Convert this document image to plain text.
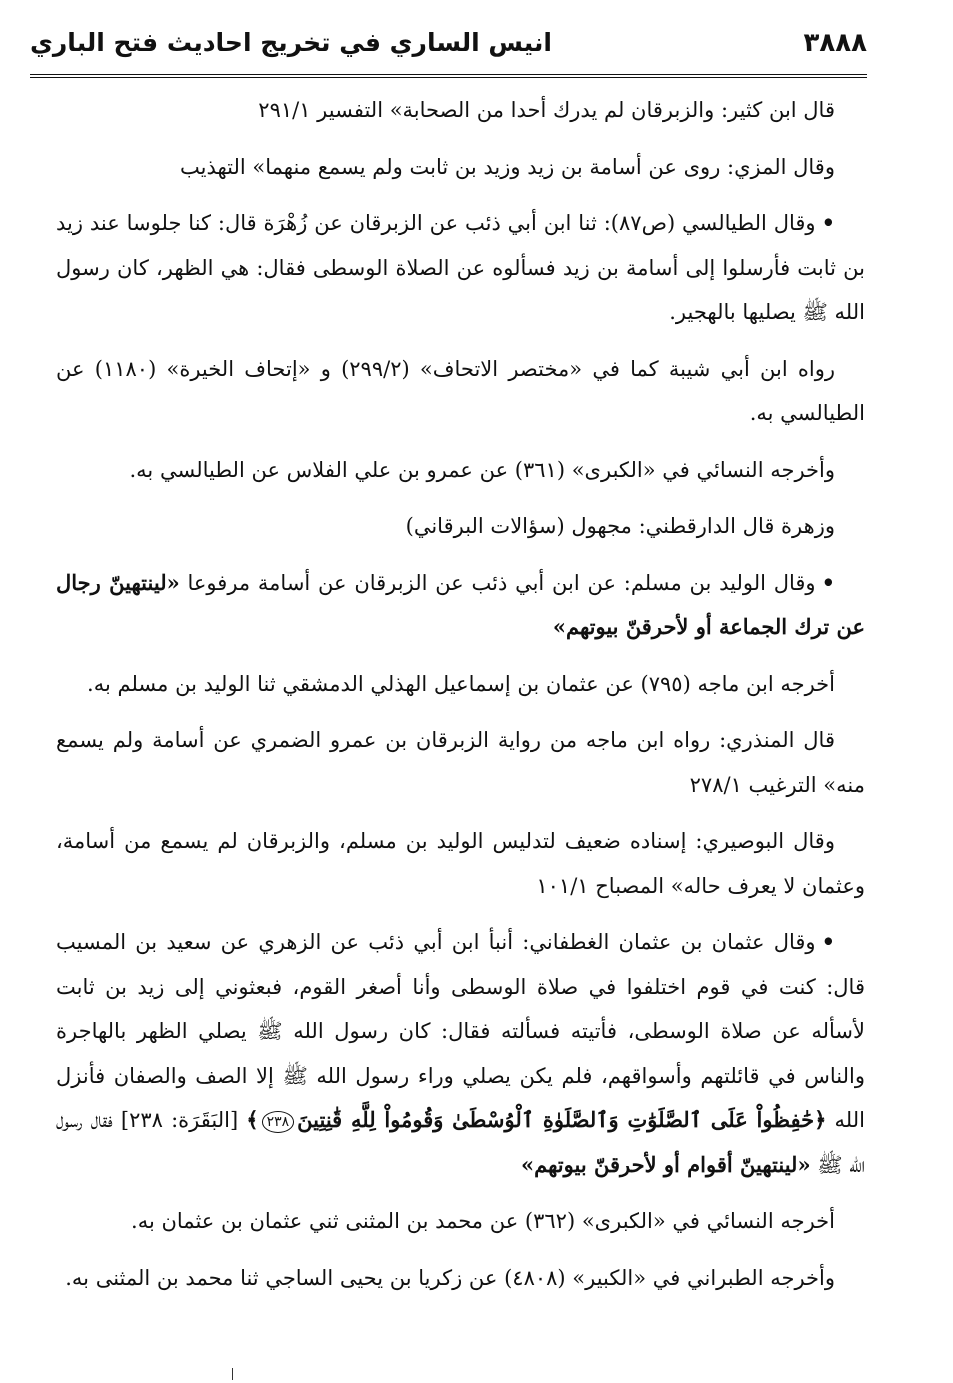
٣٨٨٨
انيس الساري في تخريج احاديث فتح الباري

قال ابن كثير: والزبرقان لم يدرك أحدا من الصحابة» التفسير ٢٩١/١

وقال المزي: روى عن أسامة بن زيد وزيد بن ثابت ولم يسمع منهما» التهذيب

•وقال الطيالسي (ص٨٧): ثنا ابن أبي ذئب عن الزبرقان عن زُهْرَة قال: كنا جلوسا عند زيد بن ثابت فأرسلوا إلى أسامة بن زيد فسألوه عن الصلاة الوسطى فقال: هي الظهر، كان رسول الله ﷺ يصليها بالهجير.

رواه ابن أبي شيبة كما في «مختصر الاتحاف» (٢٩٩/٢) و «إتحاف الخيرة» (١١٨٠) عن الطيالسي به.

وأخرجه النسائي في «الكبرى» (٣٦١) عن عمرو بن علي الفلاس عن الطيالسي به.

وزهرة قال الدارقطني: مجهول (سؤالات البرقاني)

•وقال الوليد بن مسلم: عن ابن أبي ذئب عن الزبرقان عن أسامة مرفوعا «لينتهينّ رجال عن ترك الجماعة أو لأحرقنّ بيوتهم»

أخرجه ابن ماجه (٧٩٥) عن عثمان بن إسماعيل الهذلي الدمشقي ثنا الوليد بن مسلم به.

قال المنذري: رواه ابن ماجه من رواية الزبرقان بن عمرو الضمري عن أسامة ولم يسمع منه» الترغيب ٢٧٨/١

وقال البوصيري: إسناده ضعيف لتدليس الوليد بن مسلم، والزبرقان لم يسمع من أسامة، وعثمان لا يعرف حاله» المصباح ١٠١/١

•وقال عثمان بن عثمان الغطفاني: أنبأ ابن أبي ذئب عن الزهري عن سعيد بن المسيب قال: كنت في قوم اختلفوا في صلاة الوسطى وأنا أصغر القوم، فبعثوني إلى زيد بن ثابت لأسأله عن صلاة الوسطى، فأتيته فسألته فقال: كان رسول الله ﷺ يصلي الظهر بالهاجرة والناس في قائلتهم وأسواقهم، فلم يكن يصلي وراء رسول الله ﷺ إلا الصف والصفان فأنزل الله ﴿حَٰفِظُواْ عَلَى ٱلصَّلَوَٰتِ وَٱلصَّلَوٰةِ ٱلْوُسْطَىٰ وَقُومُواْ لِلَّهِ قَٰنِتِينَ٢٣٨﴾ [البَقَرَة: ٢٣٨] فقال رسول الله ﷺ «لينتهينّ أقوام أو لأحرقنّ بيوتهم»

أخرجه النسائي في «الكبرى» (٣٦٢) عن محمد بن المثنى ثني عثمان بن عثمان به.

وأخرجه الطبراني في «الكبير» (٤٨٠٨) عن زكريا بن يحيى الساجي ثنا محمد بن المثنى به.
